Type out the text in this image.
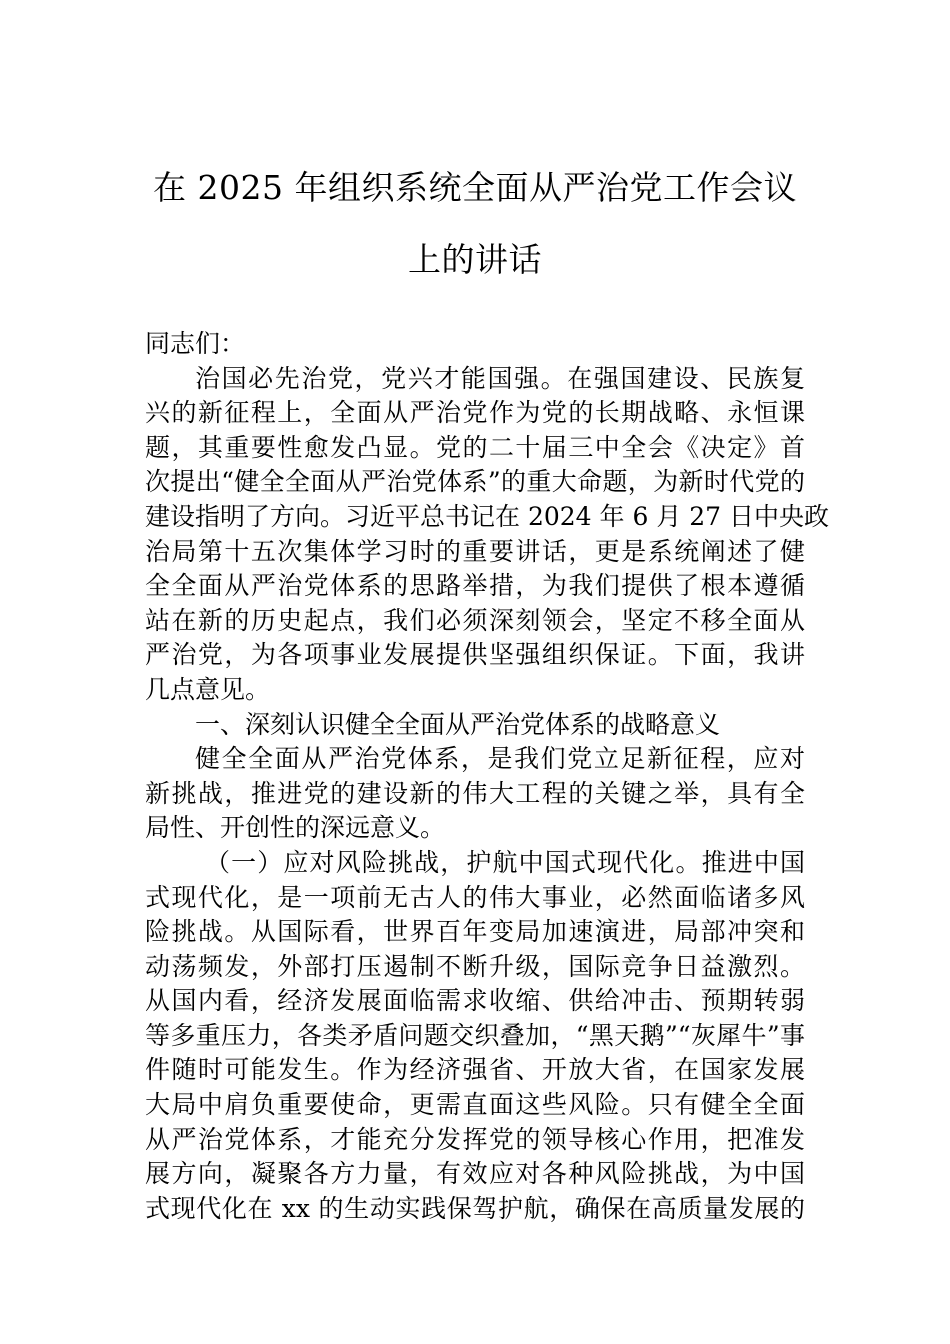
在 2025 年组织系统全面从严治党工作会议
上的讲话
同志们：
治国必先治党，党兴才能国强。在强国建设、民族复
兴的新征程上，全面从严治党作为党的长期战略、永恒课
题，其重要性愈发凸显。党的二十届三中全会《决定》首
次提出“健全全面从严治党体系”的重大命题，为新时代党的
建设指明了方向。习近平总书记在 2024 年 6 月 27 日中央政
治局第十五次集体学习时的重要讲话，更是系统阐述了健
全全面从严治党体系的思路举措，为我们提供了根本遵循
站在新的历史起点，我们必须深刻领会，坚定不移全面从
严治党，为各项事业发展提供坚强组织保证。下面，我讲
几点意见。
一、深刻认识健全全面从严治党体系的战略意义
健全全面从严治党体系，是我们党立足新征程，应对
新挑战，推进党的建设新的伟大工程的关键之举，具有全
局性、开创性的深远意义。
（一）应对风险挑战，护航中国式现代化。推进中国
式现代化，是一项前无古人的伟大事业，必然面临诸多风
险挑战。从国际看，世界百年变局加速演进，局部冲突和
动荡频发，外部打压遏制不断升级，国际竞争日益激烈。
从国内看，经济发展面临需求收缩、供给冲击、预期转弱
等多重压力，各类矛盾问题交织叠加，“黑天鹅”“灰犀牛”事
件随时可能发生。作为经济强省、开放大省，在国家发展
大局中肩负重要使命，更需直面这些风险。只有健全全面
从严治党体系，才能充分发挥党的领导核心作用，把准发
展方向，凝聚各方力量，有效应对各种风险挑战，为中国
式现代化在 xx 的生动实践保驾护航，确保在高质量发展的
